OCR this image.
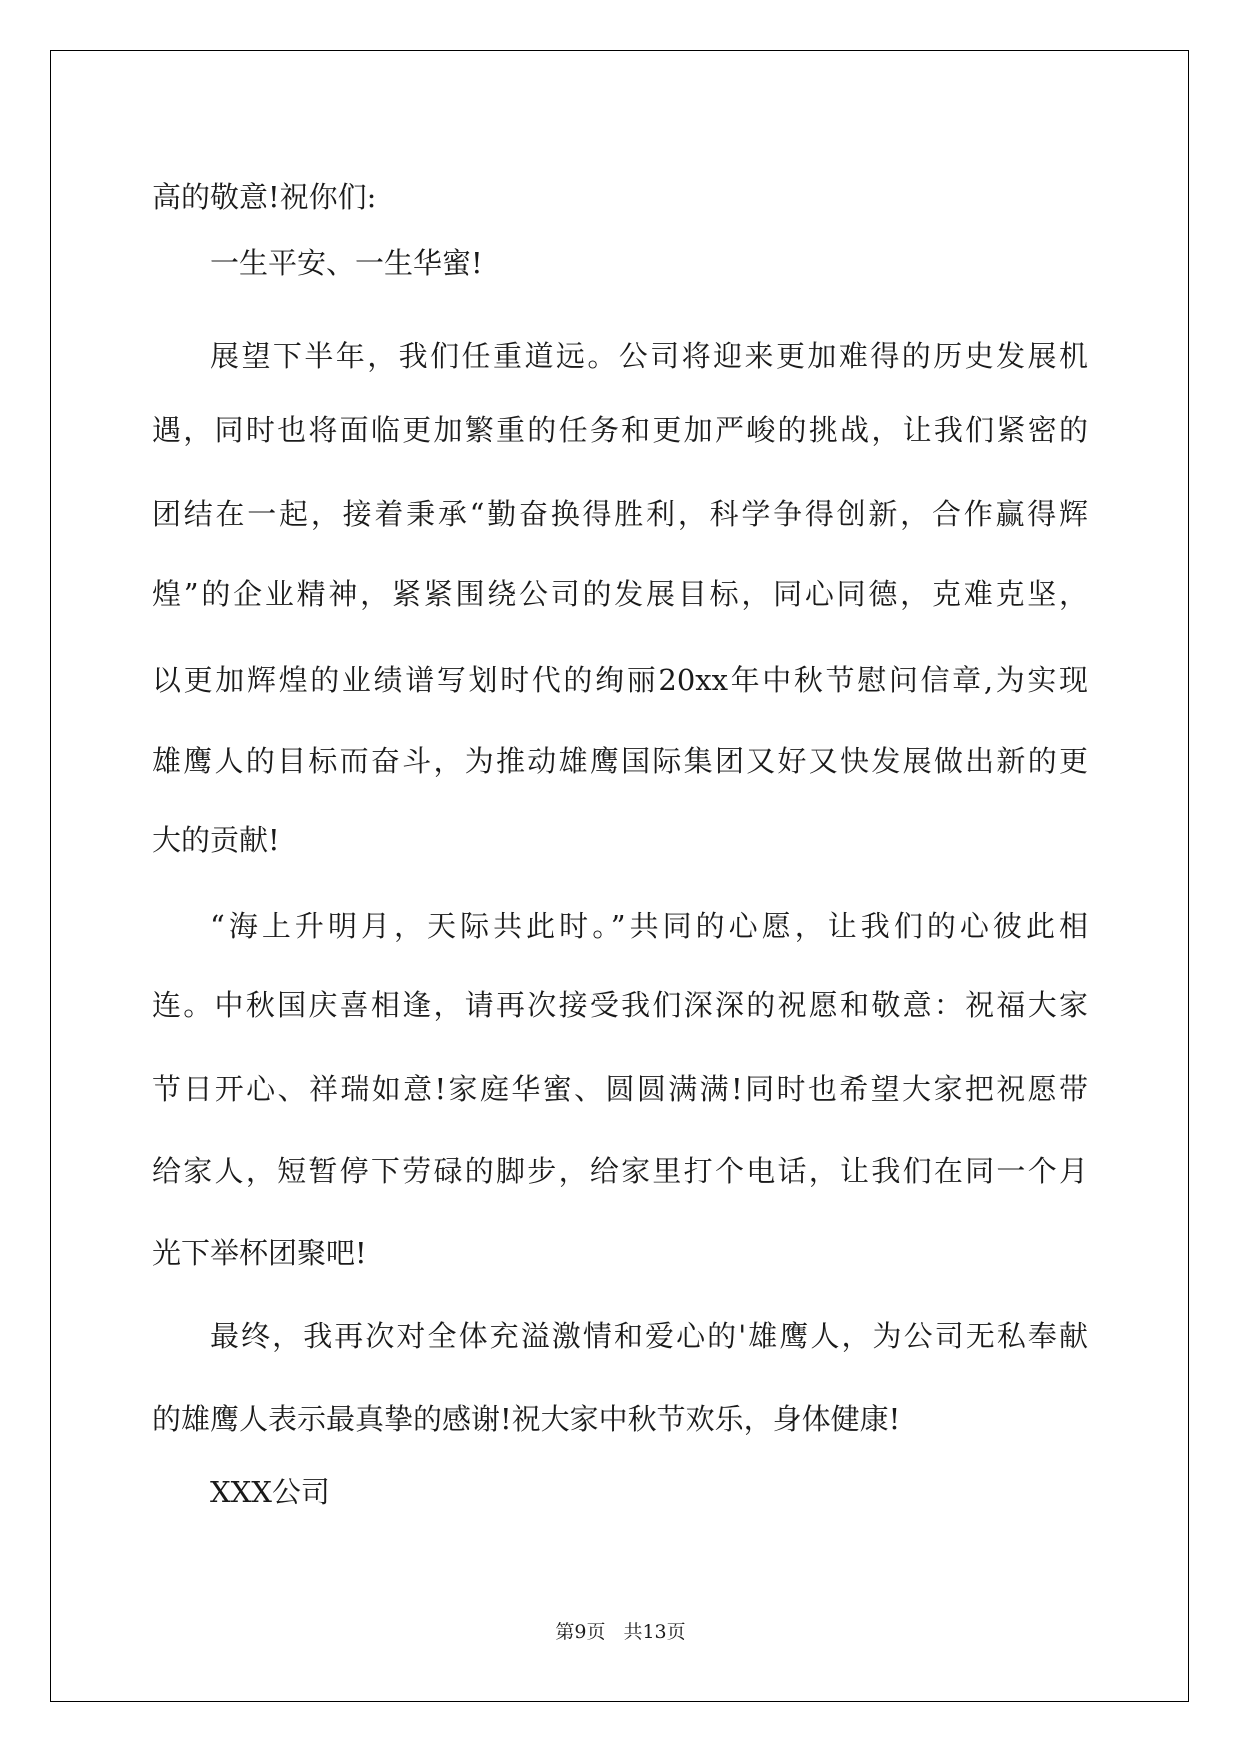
高的敬意!祝你们:
一生平安、一生华蜜!
展望下半年，我们任重道远。公司将迎来更加难得的历史发展机
遇，同时也将面临更加繁重的任务和更加严峻的挑战，让我们紧密的
团结在一起，接着秉承“勤奋换得胜利，科学争得创新，合作赢得辉
煌”的企业精神，紧紧围绕公司的发展目标，同心同德，克难克坚，
以更加辉煌的业绩谱写划时代的绚丽20xx年中秋节慰问信章,为实现
雄鹰人的目标而奋斗，为推动雄鹰国际集团又好又快发展做出新的更
大的贡献!
“海上升明月，天际共此时。”共同的心愿，让我们的心彼此相
连。中秋国庆喜相逢，请再次接受我们深深的祝愿和敬意：祝福大家
节日开心、祥瑞如意!家庭华蜜、圆圆满满!同时也希望大家把祝愿带
给家人，短暂停下劳碌的脚步，给家里打个电话，让我们在同一个月
光下举杯团聚吧!
最终，我再次对全体充溢激情和爱心的'雄鹰人，为公司无私奉献
的雄鹰人表示最真挚的感谢!祝大家中秋节欢乐，身体健康!
XXX公司
第9页 共13页
